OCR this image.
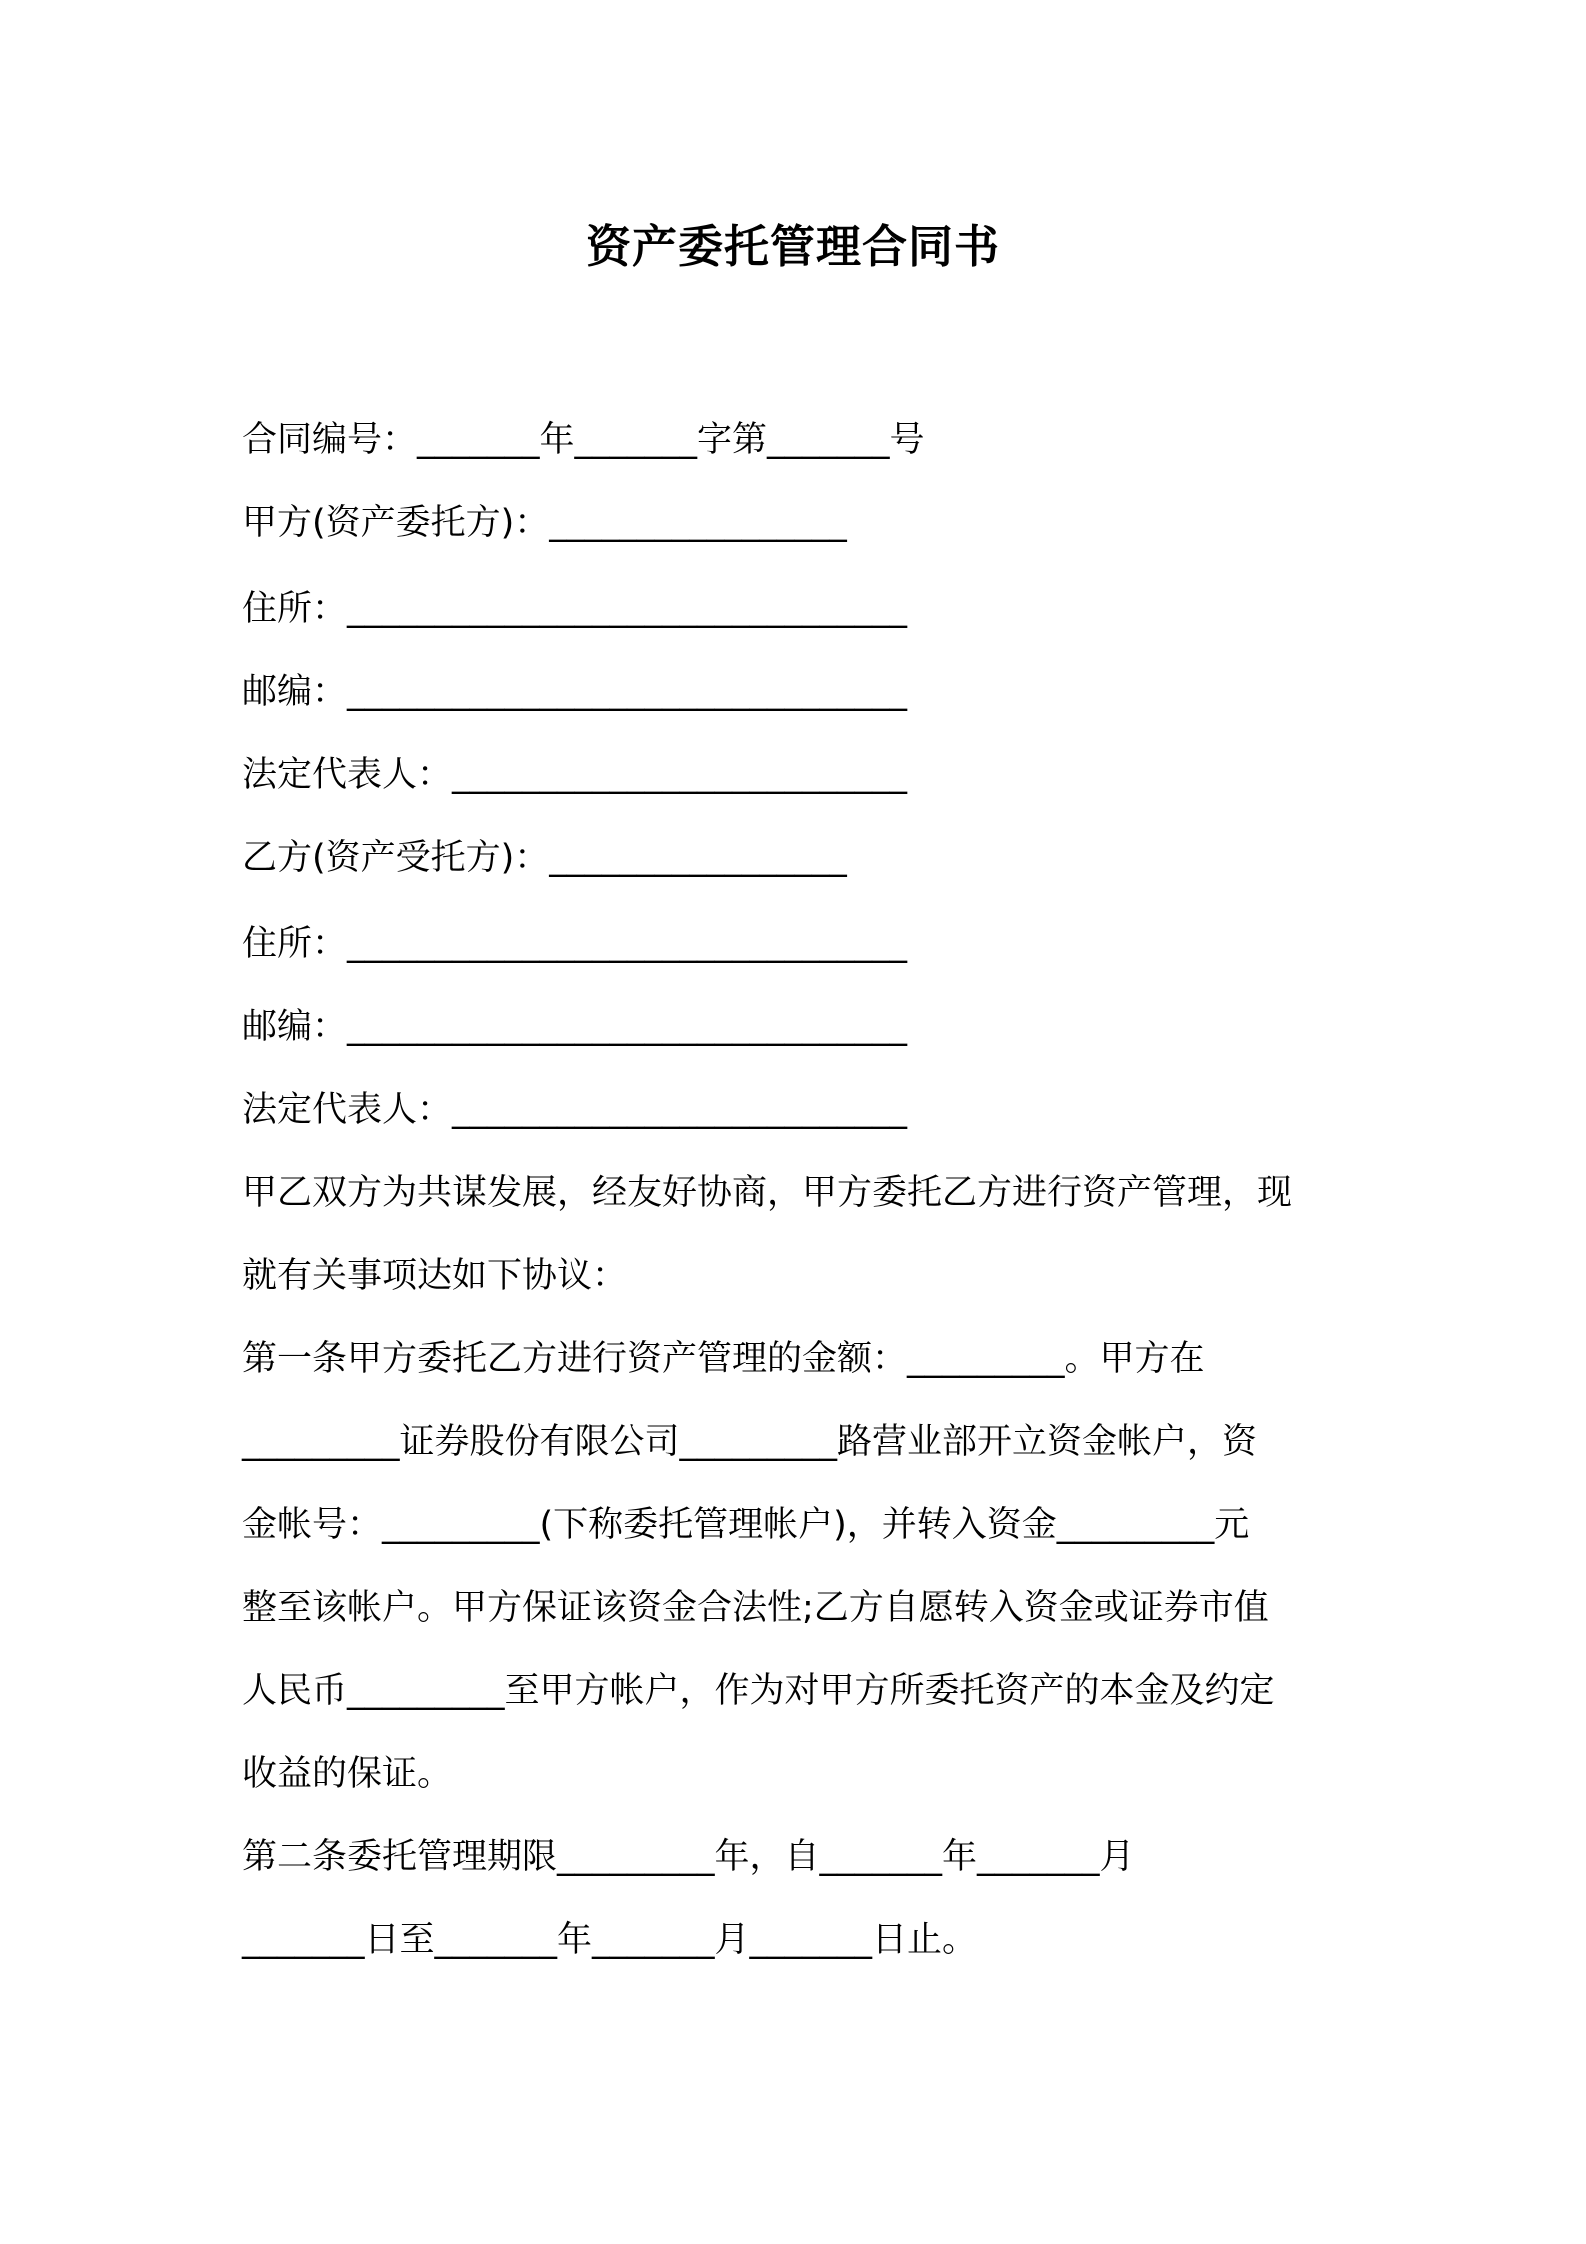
资产委托管理合同书
合同编号：_______年_______字第_______号
甲方(资产委托方)：_________________
住所：________________________________
邮编：________________________________
法定代表人：__________________________
乙方(资产受托方)：_________________
住所：________________________________
邮编：________________________________
法定代表人：__________________________
甲乙双方为共谋发展，经友好协商，甲方委托乙方进行资产管理，现
就有关事项达如下协议：
第一条甲方委托乙方进行资产管理的金额：_________。甲方在
_________证券股份有限公司_________路营业部开立资金帐户，资
金帐号：_________(下称委托管理帐户)，并转入资金_________元
整至该帐户。甲方保证该资金合法性;乙方自愿转入资金或证券市值
人民币_________至甲方帐户，作为对甲方所委托资产的本金及约定
收益的保证。
第二条委托管理期限_________年，自_______年_______月
_______日至_______年_______月_______日止。
